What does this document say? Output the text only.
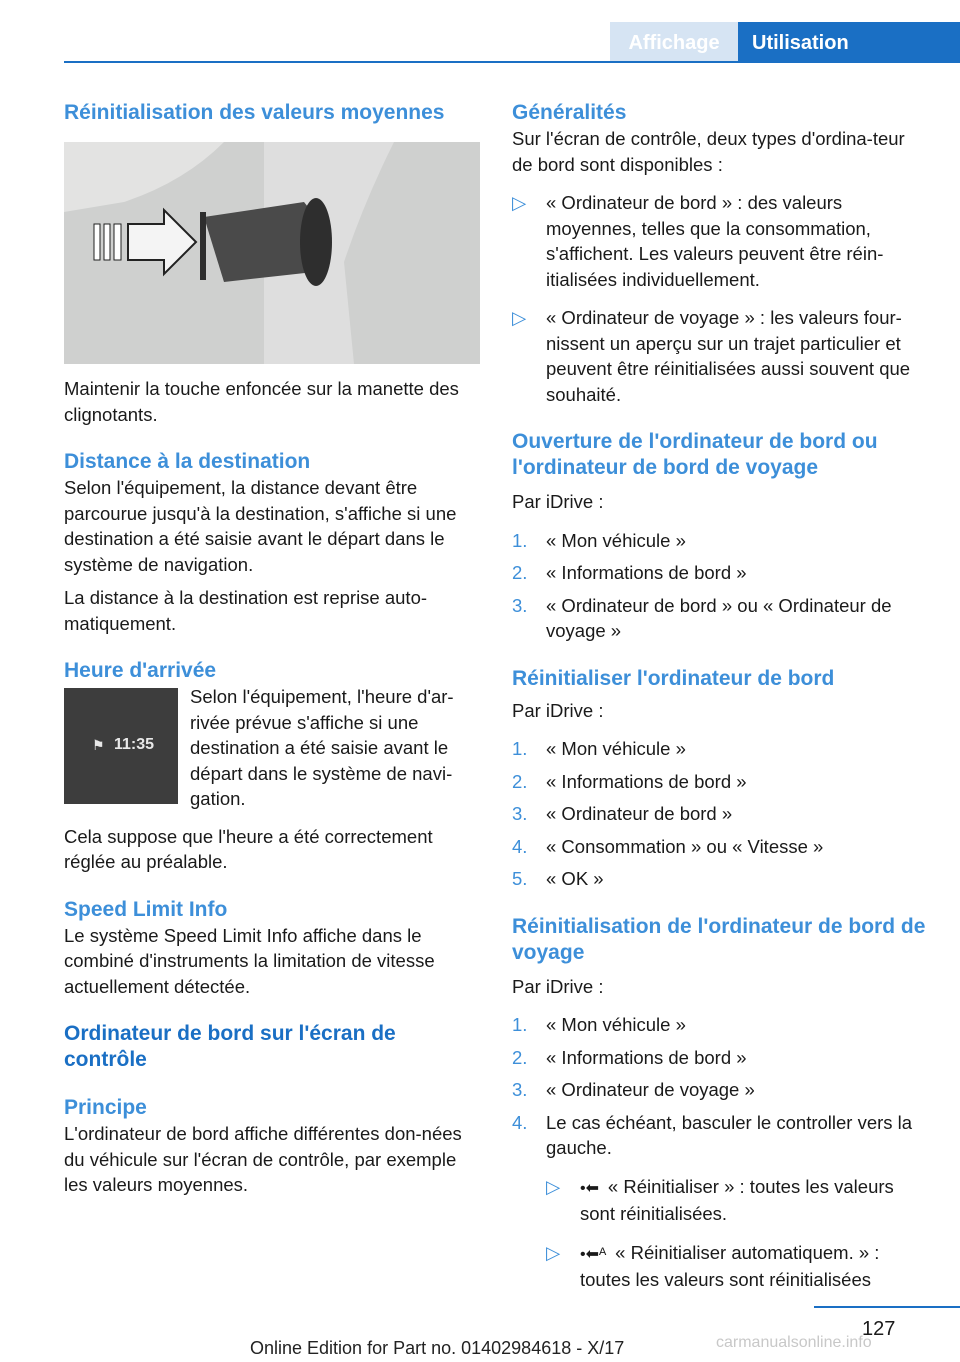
Affichage	Utilisation
Réinitialisation des valeurs moyennes

Maintenir la touche enfoncée sur la manette des clignotants.

Distance à la destination

Selon l'équipement, la distance devant être parcourue jusqu'à la destination, s'affiche si une destination a été saisie avant le départ dans le système de navigation.

La distance à la destination est reprise auto‐matiquement.

Heure d'arrivée
⚑ 11:35

Selon l'équipement, l'heure d'ar‐rivée prévue s'affiche si une destination a été saisie avant le départ dans le système de navi‐gation.

Cela suppose que l'heure a été correctement réglée au préalable.

Speed Limit Info

Le système Speed Limit Info affiche dans le combiné d'instruments la limitation de vitesse actuellement détectée.

Ordinateur de bord sur l'écran de contrôle
Principe

L'ordinateur de bord affiche différentes don‐nées du véhicule sur l'écran de contrôle, par exemple les valeurs moyennes.

Généralités

Sur l'écran de contrôle, deux types d'ordina‐teur de bord sont disponibles :

▷	« Ordinateur de bord » : des valeurs moyennes, telles que la consommation, s'affichent. Les valeurs peuvent être réin‐itialisées individuellement.
▷	« Ordinateur de voyage » : les valeurs four‐nissent un aperçu sur un trajet particulier et peuvent être réinitialisées aussi souvent que souhaité.
Ouverture de l'ordinateur de bord ou l'ordinateur de bord de voyage

Par iDrive :

1.	« Mon véhicule »
2.	« Informations de bord »
3.	« Ordinateur de bord » ou « Ordinateur de voyage »
Réinitialiser l'ordinateur de bord

Par iDrive :

1.	« Mon véhicule »
2.	« Informations de bord »
3.	« Ordinateur de bord »
4.	« Consommation » ou « Vitesse »
5.	« OK »
Réinitialisation de l'ordinateur de bord de voyage

Par iDrive :

1.	« Mon véhicule »
2.	« Informations de bord »
3.	« Ordinateur de voyage »
4.	Le cas échéant, basculer le controller vers la gauche.
▷	•⬅  « Réinitialiser » : toutes les valeurs sont réinitialisées.
▷	•⬅ᴬ  « Réinitialiser automatiquem. » : toutes les valeurs sont réinitialisées
127
Online Edition for Part no. 01402984618 - X/17	carmanualsonline.info
